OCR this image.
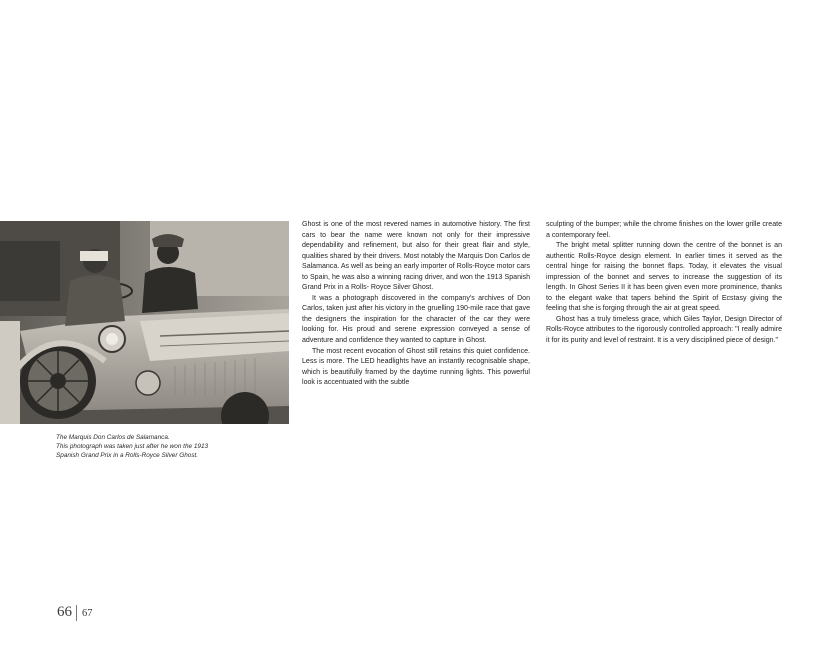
The Marquis Don Carlos de Salamanca.
This photograph was taken just after he won the 1913
Spanish Grand Prix in a Rolls-Royce Silver Ghost.

Ghost is one of the most revered names in automotive history. The first cars to bear the name were known not only for their impressive dependability and refinement, but also for their great flair and style, qualities shared by their drivers. Most notably the Marquis Don Carlos de Salamanca. As well as being an early importer of Rolls-Royce motor cars to Spain, he was also a winning racing driver, and won the 1913 Spanish Grand Prix in a Rolls- Royce Silver Ghost.

It was a photograph discovered in the company's archives of Don Carlos, taken just after his victory in the gruelling 190-mile race that gave the designers the inspiration for the character of the car they were looking for. His proud and serene expression conveyed a sense of adventure and confidence they wanted to capture in Ghost.

The most recent evocation of Ghost still retains this quiet confidence. Less is more. The LED headlights have an instantly recognisable shape, which is beautifully framed by the daytime running lights. This powerful look is accentuated with the subtle

sculpting of the bumper; while the chrome finishes on the lower grille create a contemporary feel.

The bright metal splitter running down the centre of the bonnet is an authentic Rolls-Royce design element. In earlier times it served as the central hinge for raising the bonnet flaps. Today, it elevates the visual impression of the bonnet and serves to increase the suggestion of its length. In Ghost Series II it has been given even more prominence, thanks to the elegant wake that tapers behind the Spirit of Ecstasy giving the feeling that she is forging through the air at great speed.

Ghost has a truly timeless grace, which Giles Taylor, Design Director of Rolls-Royce attributes to the rigorously controlled approach: "I really admire it for its purity and level of restraint. It is a very disciplined piece of design."

66 67
